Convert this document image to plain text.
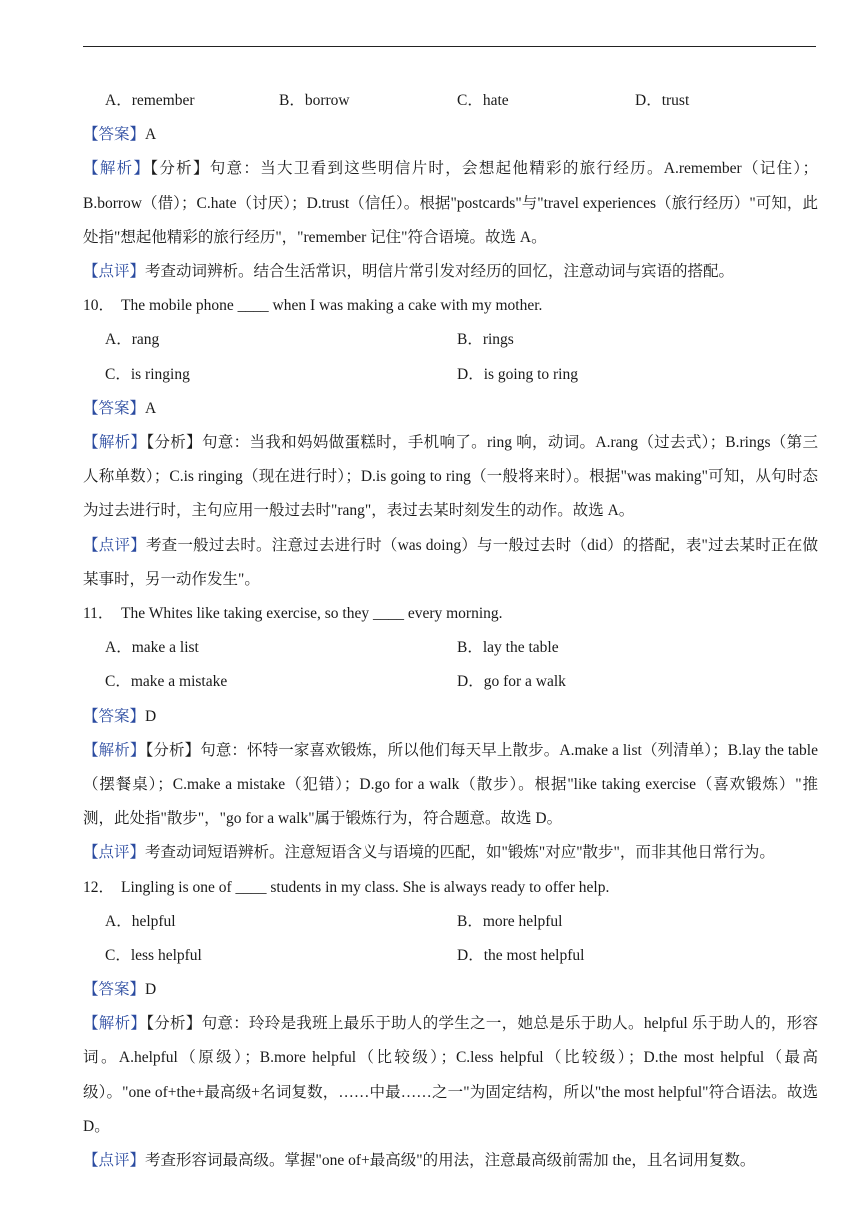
A．remember	B．borrow	C．hate	D．trust
【答案】A
【解析】【分析】句意：当大卫看到这些明信片时，会想起他精彩的旅行经历。A.remember（记住）；B.borrow（借）；C.hate（讨厌）；D.trust（信任）。根据"postcards"与"travel experiences（旅行经历）"可知，此处指"想起他精彩的旅行经历"，"remember 记住"符合语境。故选 A。
【点评】考查动词辨析。结合生活常识，明信片常引发对经历的回忆，注意动词与宾语的搭配。
10． The mobile phone ____ when I was making a cake with my mother.
A．rang	B．rings
C．is ringing	D．is going to ring
【答案】A
【解析】【分析】句意：当我和妈妈做蛋糕时，手机响了。ring 响，动词。A.rang（过去式）；B.rings（第三人称单数）；C.is ringing（现在进行时）；D.is going to ring（一般将来时）。根据"was making"可知，从句时态为过去进行时，主句应用一般过去时"rang"，表过去某时刻发生的动作。故选 A。
【点评】考查一般过去时。注意过去进行时（was doing）与一般过去时（did）的搭配，表"过去某时正在做某事时，另一动作发生"。
11． The Whites like taking exercise, so they ____ every morning.
A．make a list	B．lay the table
C．make a mistake	D．go for a walk
【答案】D
【解析】【分析】句意：怀特一家喜欢锻炼，所以他们每天早上散步。A.make a list（列清单）；B.lay the table（摆餐桌）；C.make a mistake（犯错）；D.go for a walk（散步）。根据"like taking exercise（喜欢锻炼）"推测，此处指"散步"，"go for a walk"属于锻炼行为，符合题意。故选 D。
【点评】考查动词短语辨析。注意短语含义与语境的匹配，如"锻炼"对应"散步"，而非其他日常行为。
12． Lingling is one of ____ students in my class. She is always ready to offer help.
A．helpful	B．more helpful
C．less helpful	D．the most helpful
【答案】D
【解析】【分析】句意：玲玲是我班上最乐于助人的学生之一，她总是乐于助人。helpful 乐于助人的，形容词。A.helpful（原级）；B.more helpful（比较级）；C.less helpful（比较级）；D.the most helpful（最高级）。"one of+the+最高级+名词复数，……中最……之一"为固定结构，所以"the most helpful"符合语法。故选 D。
【点评】考查形容词最高级。掌握"one of+最高级"的用法，注意最高级前需加 the，且名词用复数。
